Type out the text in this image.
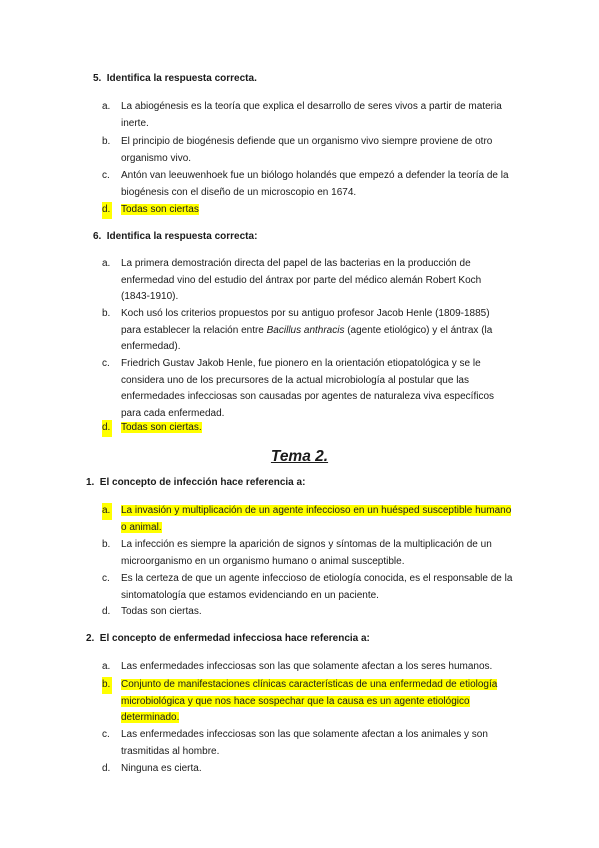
5. Identifica la respuesta correcta.
a. La abiogénesis es la teoría que explica el desarrollo de seres vivos a partir de materia inerte.
b. El principio de biogénesis defiende que un organismo vivo siempre proviene de otro organismo vivo.
c. Antón van leeuwenhoek fue un biólogo holandés que empezó a defender la teoría de la biogénesis con el diseño de un microscopio en 1674.
d. Todas son ciertas
6. Identifica la respuesta correcta:
a. La primera demostración directa del papel de las bacterias en la producción de enfermedad vino del estudio del ántrax por parte del médico alemán Robert Koch (1843-1910).
b. Koch usó los criterios propuestos por su antiguo profesor Jacob Henle (1809-1885) para establecer la relación entre Bacillus anthracis (agente etiológico) y el ántrax (la enfermedad).
c. Friedrich Gustav Jakob Henle, fue pionero en la orientación etiopatológica y se le considera uno de los precursores de la actual microbiología al postular que las enfermedades infecciosas son causadas por agentes de naturaleza viva específicos para cada enfermedad.
d. Todas son ciertas.
Tema 2.
1. El concepto de infección hace referencia a:
a. La invasión y multiplicación de un agente infeccioso en un huésped susceptible humano o animal.
b. La infección es siempre la aparición de signos y síntomas de la multiplicación de un microorganismo en un organismo humano o animal susceptible.
c. Es la certeza de que un agente infeccioso de etiología conocida, es el responsable de la sintomatología que estamos evidenciando en un paciente.
d. Todas son ciertas.
2. El concepto de enfermedad infecciosa hace referencia a:
a. Las enfermedades infecciosas son las que solamente afectan a los seres humanos.
b. Conjunto de manifestaciones clínicas características de una enfermedad de etiología microbiológica y que nos hace sospechar que la causa es un agente etiológico determinado.
c. Las enfermedades infecciosas son las que solamente afectan a los animales y son trasmitidas al hombre.
d. Ninguna es cierta.
